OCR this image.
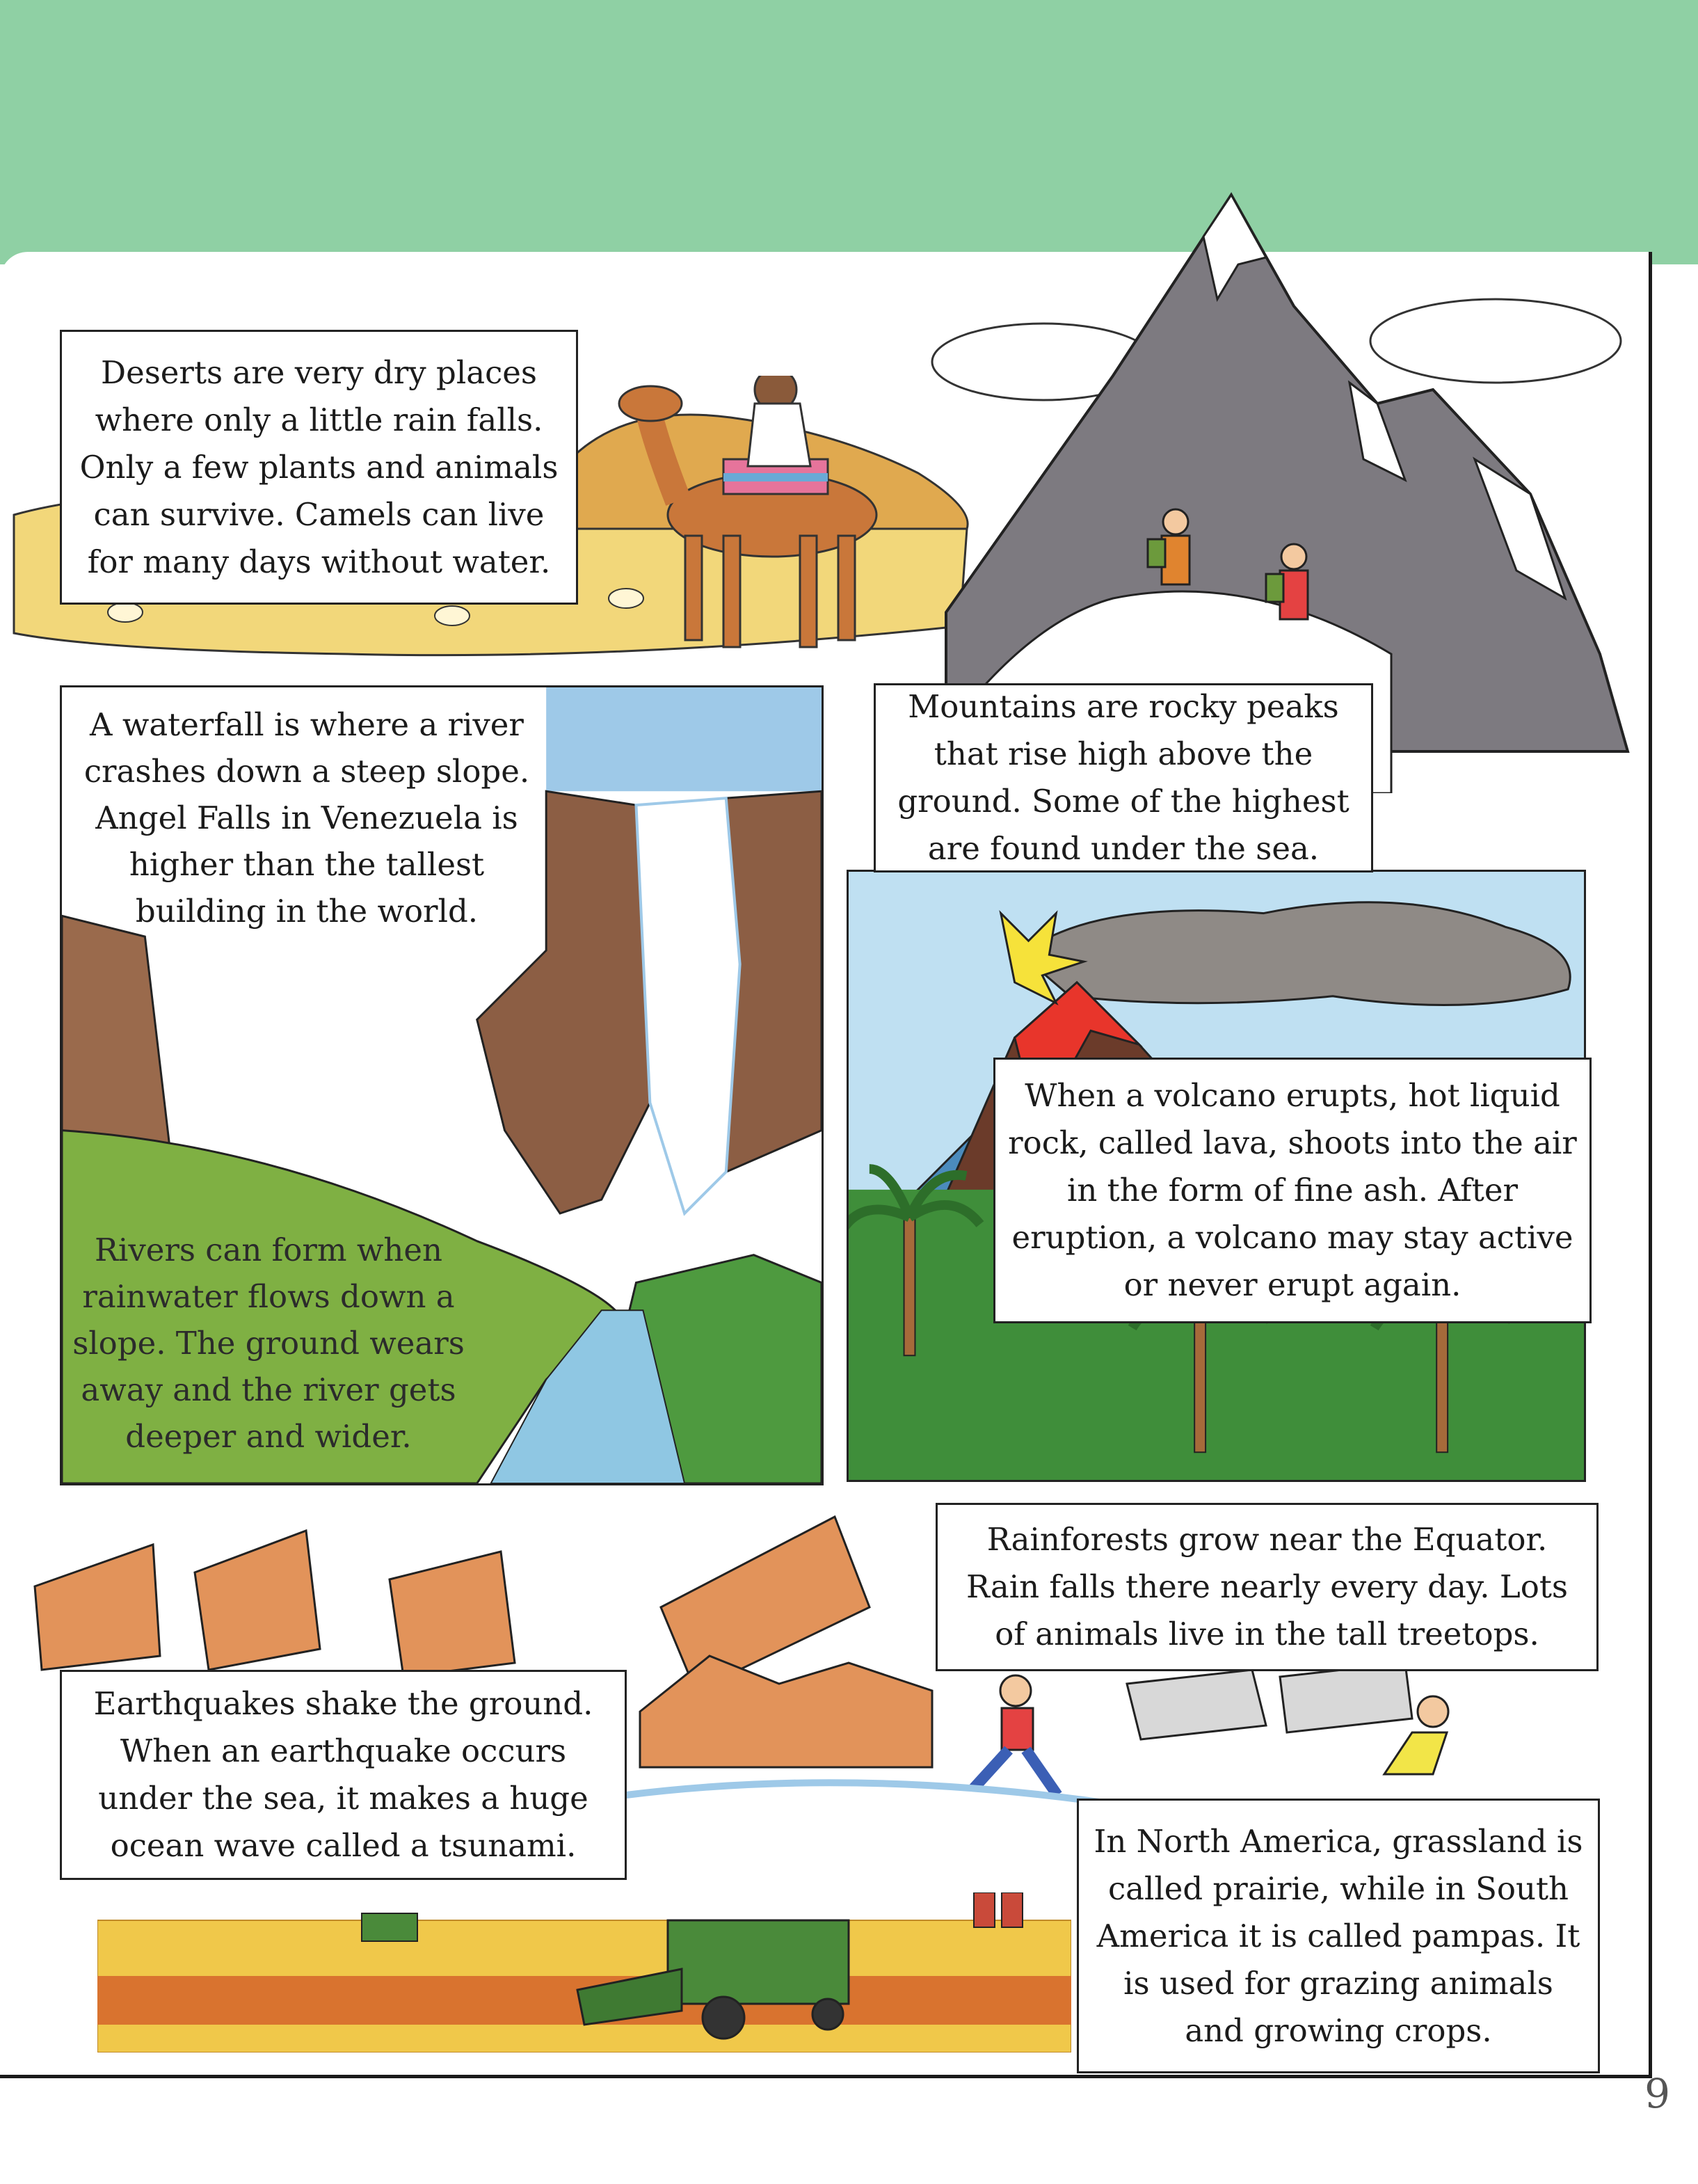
Deserts are very dry places where only a little rain falls. Only a few plants and animals can survive. Camels can live for many days without water.
Mountains are rocky peaks that rise high above the ground. Some of the highest are found under the sea.
A waterfall is where a river crashes down a steep slope. Angel Falls in Venezuela is higher than the tallest building in the world.
Rivers can form when rainwater flows down a slope. The ground wears away and the river gets deeper and wider.
When a volcano erupts, hot liquid rock, called lava, shoots into the air in the form of fine ash. After eruption, a volcano may stay active or never erupt again.
Rainforests grow near the Equator. Rain falls there nearly every day. Lots of animals live in the tall treetops.
Earthquakes shake the ground. When an earthquake occurs under the sea, it makes a huge ocean wave called a tsunami.	In North America, grassland is called prairie, while in South America it is called pampas. It is used for grazing animals and growing crops.
9
